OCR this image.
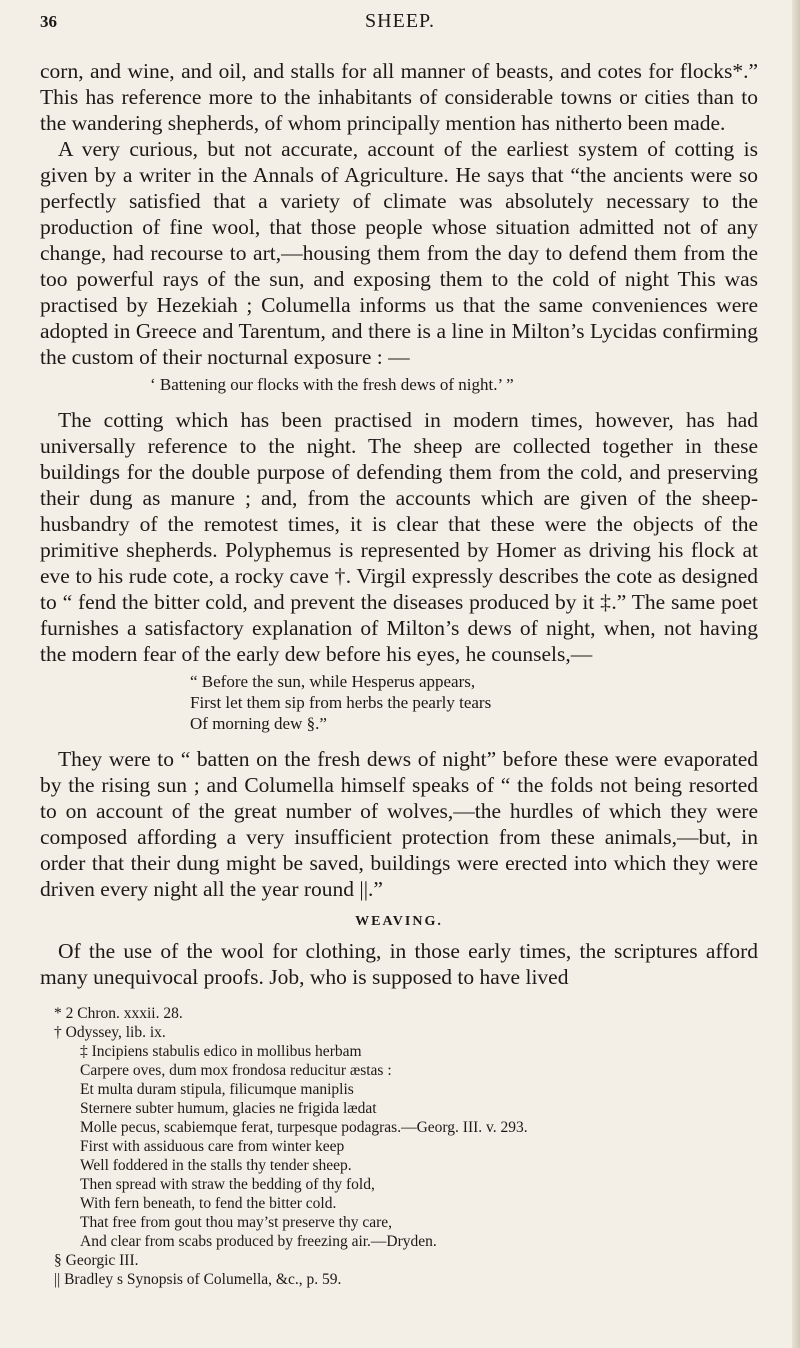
36	SHEEP.

corn, and wine, and oil, and stalls for all manner of beasts, and cotes for flocks*.” This has reference more to the inhabitants of considerable towns or cities than to the wandering shepherds, of whom principally mention has nitherto been made.

A very curious, but not accurate, account of the earliest system of cotting is given by a writer in the Annals of Agriculture. He says that “the ancients were so perfectly satisfied that a variety of climate was absolutely necessary to the production of fine wool, that those people whose situation admitted not of any change, had recourse to art,—housing them from the day to defend them from the too powerful rays of the sun, and exposing them to the cold of night This was practised by Hezekiah ; Columella informs us that the same conveniences were adopted in Greece and Tarentum, and there is a line in Milton’s Lycidas confirming the custom of their nocturnal exposure : —

‘ Battening our flocks with the fresh dews of night.’ ”

The cotting which has been practised in modern times, however, has had universally reference to the night. The sheep are collected together in these buildings for the double purpose of defending them from the cold, and preserving their dung as manure ; and, from the accounts which are given of the sheep-husbandry of the remotest times, it is clear that these were the objects of the primitive shepherds. Polyphemus is represented by Homer as driving his flock at eve to his rude cote, a rocky cave †. Virgil expressly describes the cote as designed to “ fend the bitter cold, and prevent the diseases produced by it ‡.” The same poet furnishes a satisfactory explanation of Milton’s dews of night, when, not having the modern fear of the early dew before his eyes, he counsels,—

“ Before the sun, while Hesperus appears,
First let them sip from herbs the pearly tears
Of morning dew §.”

They were to “ batten on the fresh dews of night” before these were evaporated by the rising sun ; and Columella himself speaks of “ the folds not being resorted to on account of the great number of wolves,—the hurdles of which they were composed affording a very insufficient protection from these animals,—but, in order that their dung might be saved, buildings were erected into which they were driven every night all the year round ||.”

WEAVING.

Of the use of the wool for clothing, in those early times, the scriptures afford many unequivocal proofs. Job, who is supposed to have lived

* 2 Chron. xxxii. 28.
† Odyssey, lib. ix.
‡ Incipiens stabulis edico in mollibus herbam
Carpere oves, dum mox frondosa reducitur æstas :
Et multa duram stipula, filicumque maniplis
Sternere subter humum, glacies ne frigida lædat
Molle pecus, scabiemque ferat, turpesque podagras.—Georg. III. v. 293.
First with assiduous care from winter keep
Well foddered in the stalls thy tender sheep.
Then spread with straw the bedding of thy fold,
With fern beneath, to fend the bitter cold.
That free from gout thou may’st preserve thy care,
And clear from scabs produced by freezing air.—Dryden.
§ Georgic III.
|| Bradley s Synopsis of Columella, &c., p. 59.
